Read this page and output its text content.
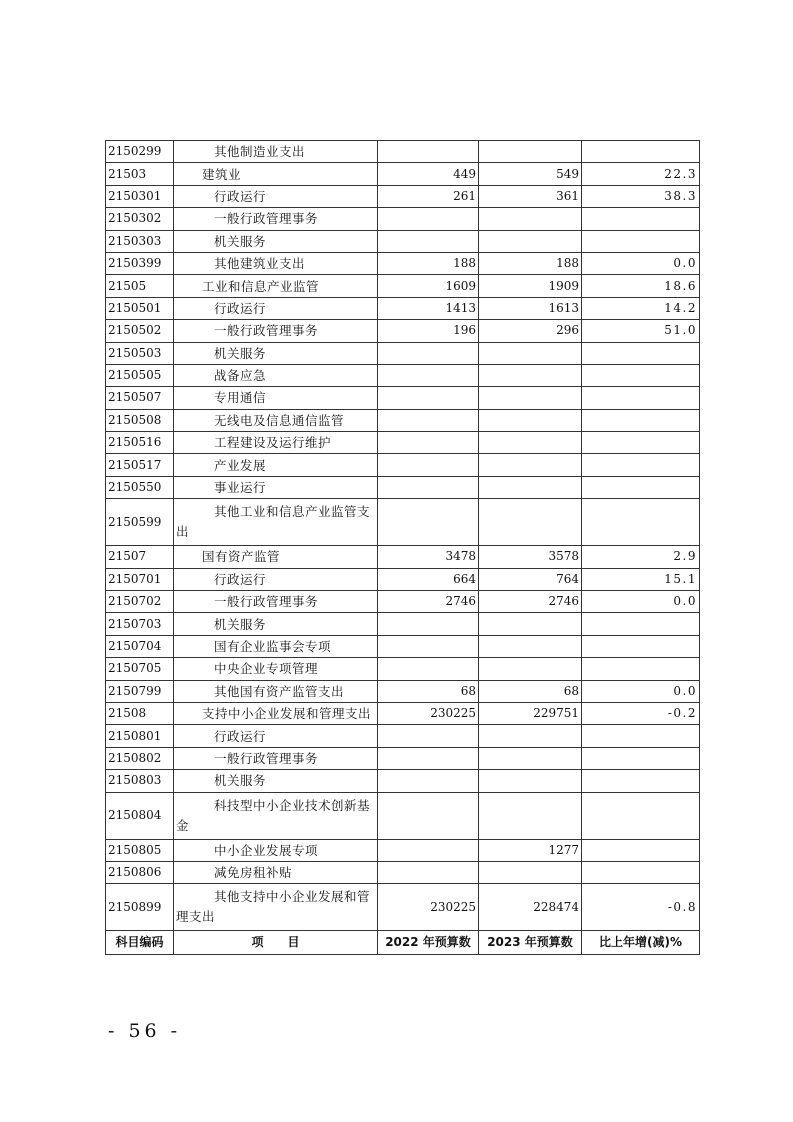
2150299	其他制造业支出			
21503	建筑业	449	549	22.3
2150301	行政运行	261	361	38.3
2150302	一般行政管理事务			
2150303	机关服务			
2150399	其他建筑业支出	188	188	0.0
21505	工业和信息产业监管	1609	1909	18.6
2150501	行政运行	1413	1613	14.2
2150502	一般行政管理事务	196	296	51.0
2150503	机关服务			
2150505	战备应急			
2150507	专用通信			
2150508	无线电及信息通信监管			
2150516	工程建设及运行维护			
2150517	产业发展			
2150550	事业运行			
2150599	其他工业和信息产业监管支出			
21507	国有资产监管	3478	3578	2.9
2150701	行政运行	664	764	15.1
2150702	一般行政管理事务	2746	2746	0.0
2150703	机关服务			
2150704	国有企业监事会专项			
2150705	中央企业专项管理			
2150799	其他国有资产监管支出	68	68	0.0
21508	支持中小企业发展和管理支出	230225	229751	-0.2
2150801	行政运行			
2150802	一般行政管理事务			
2150803	机关服务			
2150804	科技型中小企业技术创新基金			
2150805	中小企业发展专项		1277	
2150806	减免房租补贴			
2150899	其他支持中小企业发展和管理支出	230225	228474	-0.8
科目编码	项　　目	2022 年预算数	2023 年预算数	比上年增(减)%
- 56 -
